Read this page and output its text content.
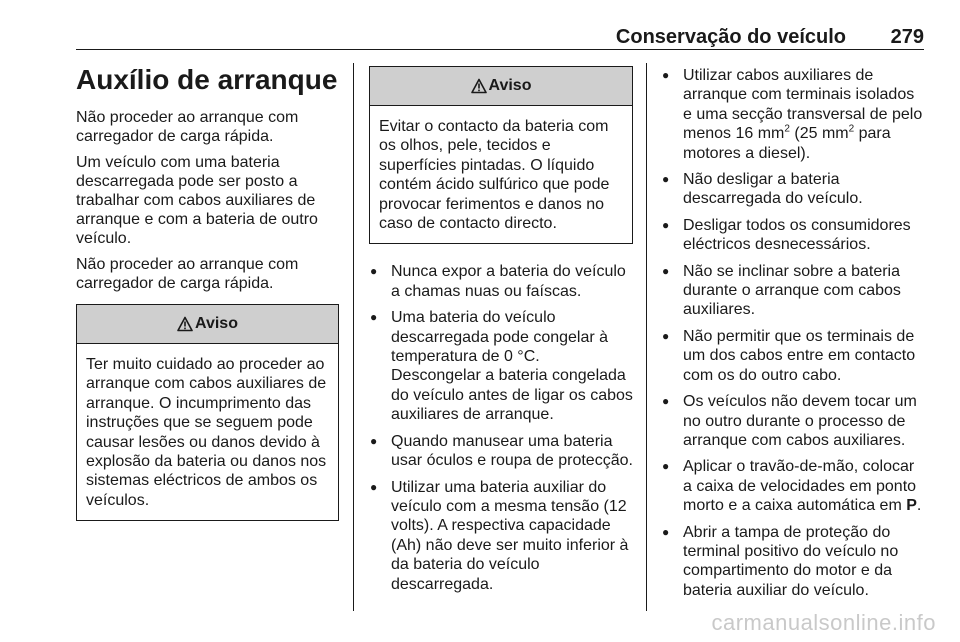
Conservação do veículo 279
Auxílio de arranque

Não proceder ao arranque com carregador de carga rápida.

Um veículo com uma bateria descarregada pode ser posto a trabalhar com cabos auxiliares de arranque e com a bateria de outro veículo.

Não proceder ao arranque com carregador de carga rápida.

Aviso
Ter muito cuidado ao proceder ao arranque com cabos auxiliares de arranque. O incumprimento das instruções que se seguem pode causar lesões ou danos devido à explosão da bateria ou danos nos sistemas eléctricos de ambos os veículos.
Aviso
Evitar o contacto da bateria com os olhos, pele, tecidos e superfícies pintadas. O líquido contém ácido sulfúrico que pode provocar ferimentos e danos no caso de contacto directo.
● Nunca expor a bateria do veículo a chamas nuas ou faíscas.
● Uma bateria do veículo descarregada pode congelar à temperatura de 0 °C. Descongelar a bateria congelada do veículo antes de ligar os cabos auxiliares de arranque.
● Quando manusear uma bateria usar óculos e roupa de protecção.
● Utilizar uma bateria auxiliar do veículo com a mesma tensão (12 volts). A respectiva capacidade (Ah) não deve ser muito inferior à da bateria do veículo descarregada.
● Utilizar cabos auxiliares de arranque com terminais isolados e uma secção transversal de pelo menos 16 $mm^2$ (25 $mm^2$ para motores a diesel).
● Não desligar a bateria descarregada do veículo.
● Desligar todos os consumidores eléctricos desnecessários.
● Não se inclinar sobre a bateria durante o arranque com cabos auxiliares.
● Não permitir que os terminais de um dos cabos entre em contacto com os do outro cabo.
● Os veículos não devem tocar um no outro durante o processo de arranque com cabos auxiliares.
● Aplicar o travão-de-mão, colocar a caixa de velocidades em ponto morto e a caixa automática em P.
● Abrir a tampa de proteção do terminal positivo do veículo no compartimento do motor e da bateria auxiliar do veículo.
carmanualsonline.info
